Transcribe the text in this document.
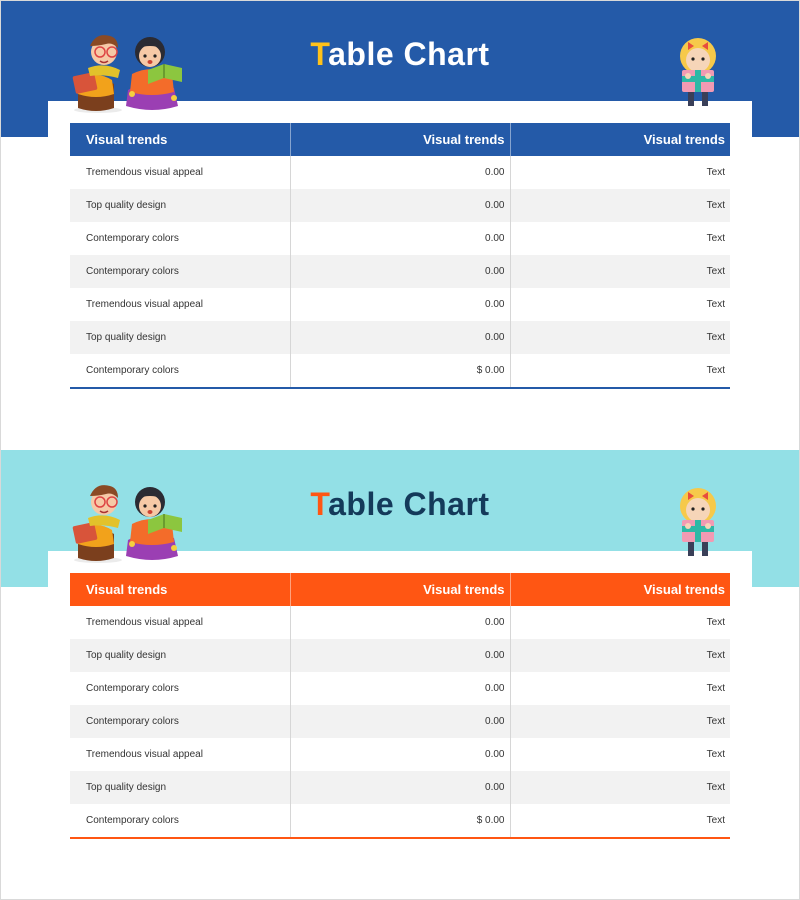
Table Chart
Visual trends	Visual trends	Visual trends
Tremendous visual appeal	0.00	Text
Top quality design	0.00	Text
Contemporary colors	0.00	Text
Contemporary colors	0.00	Text
Tremendous visual appeal	0.00	Text
Top quality design	0.00	Text
Contemporary colors	$ 0.00	Text
Table Chart
Visual trends	Visual trends	Visual trends
Tremendous visual appeal	0.00	Text
Top quality design	0.00	Text
Contemporary colors	0.00	Text
Contemporary colors	0.00	Text
Tremendous visual appeal	0.00	Text
Top quality design	0.00	Text
Contemporary colors	$ 0.00	Text
